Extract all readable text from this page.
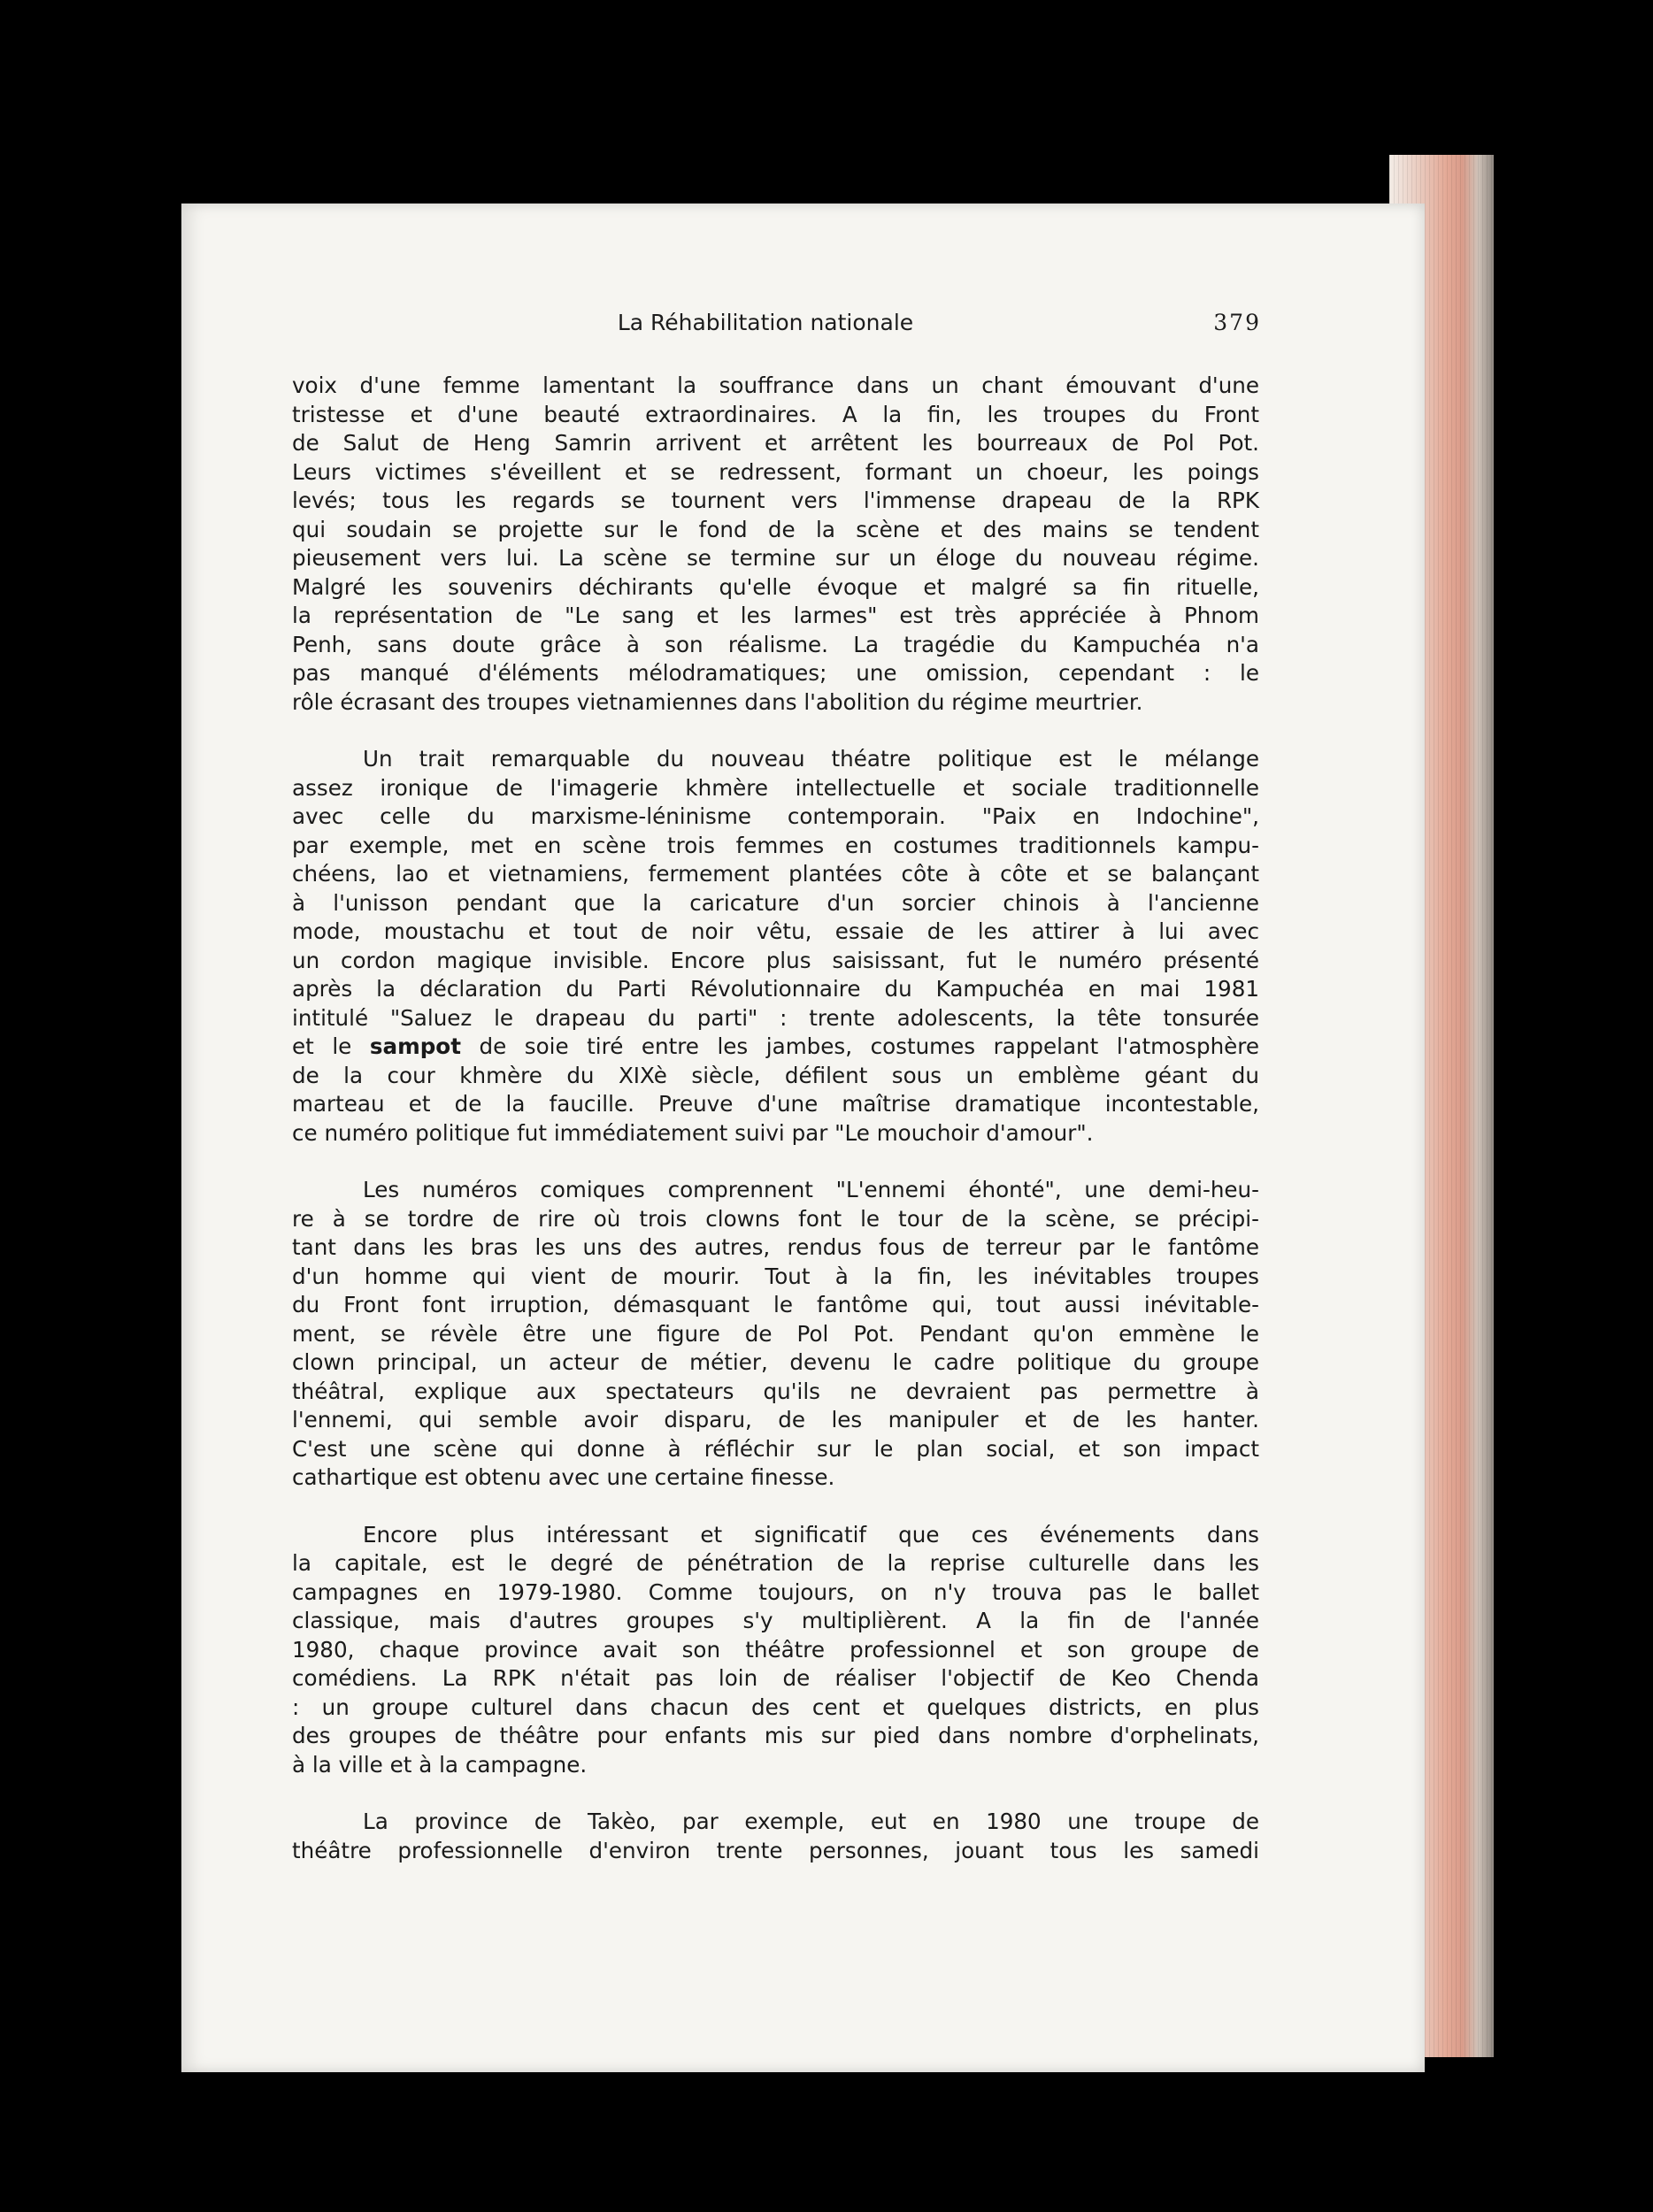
La Réhabilitation nationale	379

voix d'une femme lamentant la souffrance dans un chant émouvant d'une
tristesse et d'une beauté extraordinaires. A la fin, les troupes du Front
de Salut de Heng Samrin arrivent et arrêtent les bourreaux de Pol Pot.
Leurs victimes s'éveillent et se redressent, formant un choeur, les poings
levés; tous les regards se tournent vers l'immense drapeau de la RPK
qui soudain se projette sur le fond de la scène et des mains se tendent
pieusement vers lui. La scène se termine sur un éloge du nouveau régime.
Malgré les souvenirs déchirants qu'elle évoque et malgré sa fin rituelle,
la représentation de "Le sang et les larmes" est très appréciée à Phnom
Penh, sans doute grâce à son réalisme. La tragédie du Kampuchéa n'a
pas manqué d'éléments mélodramatiques; une omission, cependant : le
rôle écrasant des troupes vietnamiennes dans l'abolition du régime meurtrier.

Un trait remarquable du nouveau théatre politique est le mélange
assez ironique de l'imagerie khmère intellectuelle et sociale traditionnelle
avec celle du marxisme-léninisme contemporain. "Paix en Indochine",
par exemple, met en scène trois femmes en costumes traditionnels kampu-
chéens, lao et vietnamiens, fermement plantées côte à côte et se balançant
à l'unisson pendant que la caricature d'un sorcier chinois à l'ancienne
mode, moustachu et tout de noir vêtu, essaie de les attirer à lui avec
un cordon magique invisible. Encore plus saisissant, fut le numéro présenté
après la déclaration du Parti Révolutionnaire du Kampuchéa en mai 1981
intitulé "Saluez le drapeau du parti" : trente adolescents, la tête tonsurée
et le sampot de soie tiré entre les jambes, costumes rappelant l'atmosphère
de la cour khmère du XIXè siècle, défilent sous un emblème géant du
marteau et de la faucille. Preuve d'une maîtrise dramatique incontestable,
ce numéro politique fut immédiatement suivi par "Le mouchoir d'amour".

Les numéros comiques comprennent "L'ennemi éhonté", une demi-heu-
re à se tordre de rire où trois clowns font le tour de la scène, se précipi-
tant dans les bras les uns des autres, rendus fous de terreur par le fantôme
d'un homme qui vient de mourir. Tout à la fin, les inévitables troupes
du Front font irruption, démasquant le fantôme qui, tout aussi inévitable-
ment, se révèle être une figure de Pol Pot. Pendant qu'on emmène le
clown principal, un acteur de métier, devenu le cadre politique du groupe
théâtral, explique aux spectateurs qu'ils ne devraient pas permettre à
l'ennemi, qui semble avoir disparu, de les manipuler et de les hanter.
C'est une scène qui donne à réfléchir sur le plan social, et son impact
cathartique est obtenu avec une certaine finesse.

Encore plus intéressant et significatif que ces événements dans
la capitale, est le degré de pénétration de la reprise culturelle dans les
campagnes en 1979-1980. Comme toujours, on n'y trouva pas le ballet
classique, mais d'autres groupes s'y multiplièrent. A la fin de l'année
1980, chaque province avait son théâtre professionnel et son groupe de
comédiens. La RPK n'était pas loin de réaliser l'objectif de Keo Chenda
: un groupe culturel dans chacun des cent et quelques districts, en plus
des groupes de théâtre pour enfants mis sur pied dans nombre d'orphelinats,
à la ville et à la campagne.

La province de Takèo, par exemple, eut en 1980 une troupe de
théâtre professionnelle d'environ trente personnes, jouant tous les samedi
